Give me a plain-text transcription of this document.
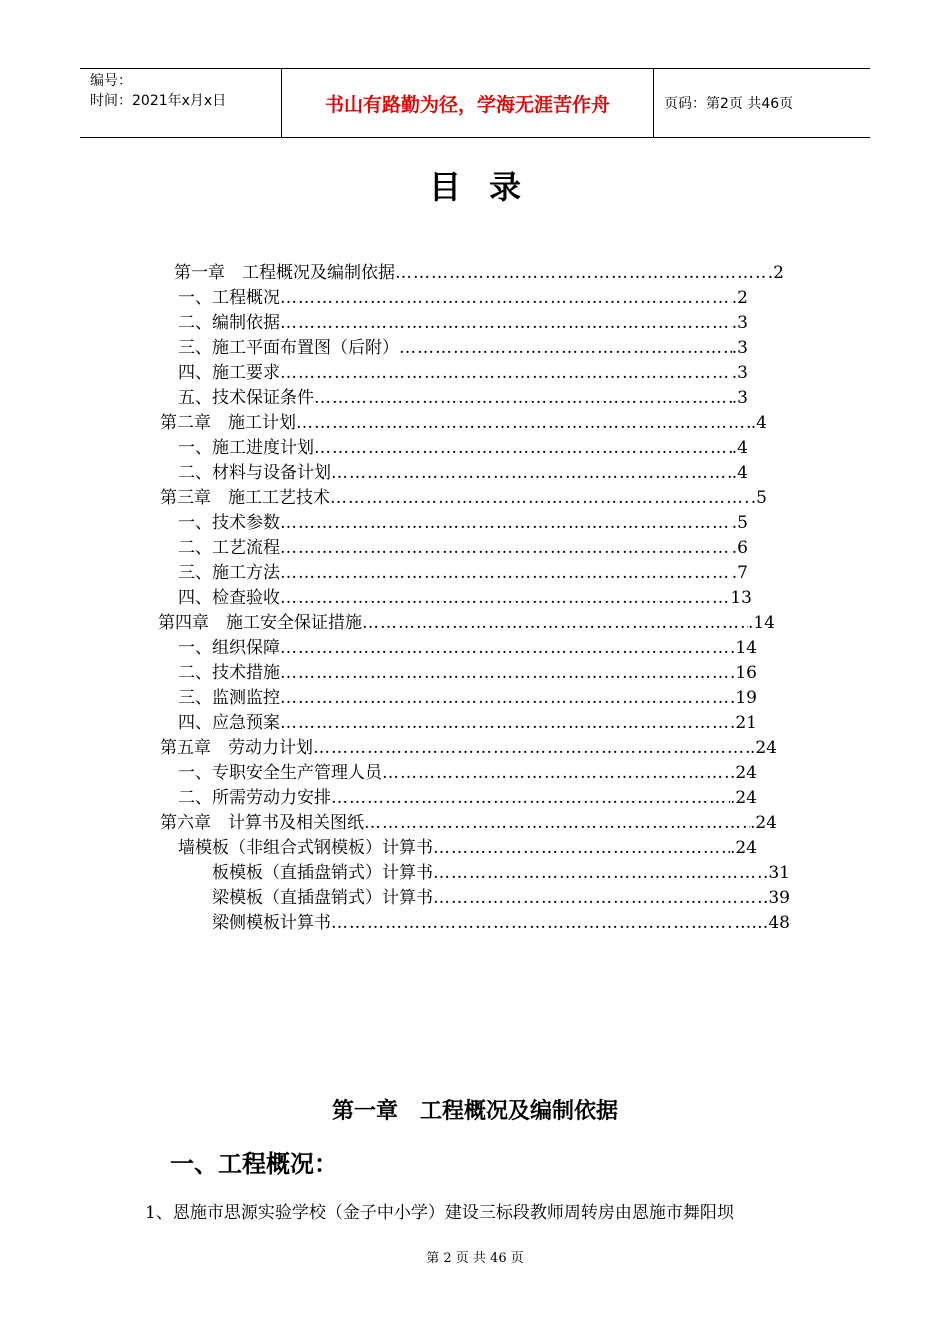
编号：
时间：2021年x月x日	书山有路勤为径，学海无涯苦作舟	页码：第2页 共46页
目录
第一章　工程概况及编制依据 ……………………………………………………………………………………………………………………………………………………	.2
一、工程概况 ……………………………………………………………………………………………………………………………………………………	.2
二、编制依据 ……………………………………………………………………………………………………………………………………………………	.3
三、施工平面布置图（后附） ……………………………………………………………………………………………………………………………………………………	.3
四、施工要求 ……………………………………………………………………………………………………………………………………………………	.3
五、技术保证条件 ……………………………………………………………………………………………………………………………………………………	.3
第二章　施工计划 ……………………………………………………………………………………………………………………………………………………	.4
一、施工进度计划 ……………………………………………………………………………………………………………………………………………………	.4
二、材料与设备计划 ……………………………………………………………………………………………………………………………………………………	.4
第三章　施工工艺技术 ……………………………………………………………………………………………………………………………………………………	.5
一、技术参数 ……………………………………………………………………………………………………………………………………………………	.5
二、工艺流程 ……………………………………………………………………………………………………………………………………………………	.6
三、施工方法 ……………………………………………………………………………………………………………………………………………………	.7
四、检查验收 ……………………………………………………………………………………………………………………………………………………	13
第四章　施工安全保证措施 ……………………………………………………………………………………………………………………………………………………	.14
一、组织保障 ……………………………………………………………………………………………………………………………………………………	.14
二、技术措施 ……………………………………………………………………………………………………………………………………………………	.16
三、监测监控 ……………………………………………………………………………………………………………………………………………………	.19
四、应急预案 ……………………………………………………………………………………………………………………………………………………	.21
第五章　劳动力计划 ……………………………………………………………………………………………………………………………………………………	.24
一、专职安全生产管理人员 ……………………………………………………………………………………………………………………………………………………	.24
二、所需劳动力安排 ……………………………………………………………………………………………………………………………………………………	.24
第六章　计算书及相关图纸 ……………………………………………………………………………………………………………………………………………………	.24
墙模板（非组合式钢模板）计算书 ……………………………………………………………………………………………………………………………………………………	.24
板模板（直插盘销式）计算书 ……………………………………………………………………………………………………………………………………………………	.31
梁模板（直插盘销式）计算书 ……………………………………………………………………………………………………………………………………………………	.39
梁侧模板计算书 ……………………………………………………………………………………………………………………………………………………	……48
第一章　工程概况及编制依据
一、工程概况：
1、恩施市思源实验学校（金子中小学）建设三标段教师周转房由恩施市舞阳坝
第 2 页 共 46 页
